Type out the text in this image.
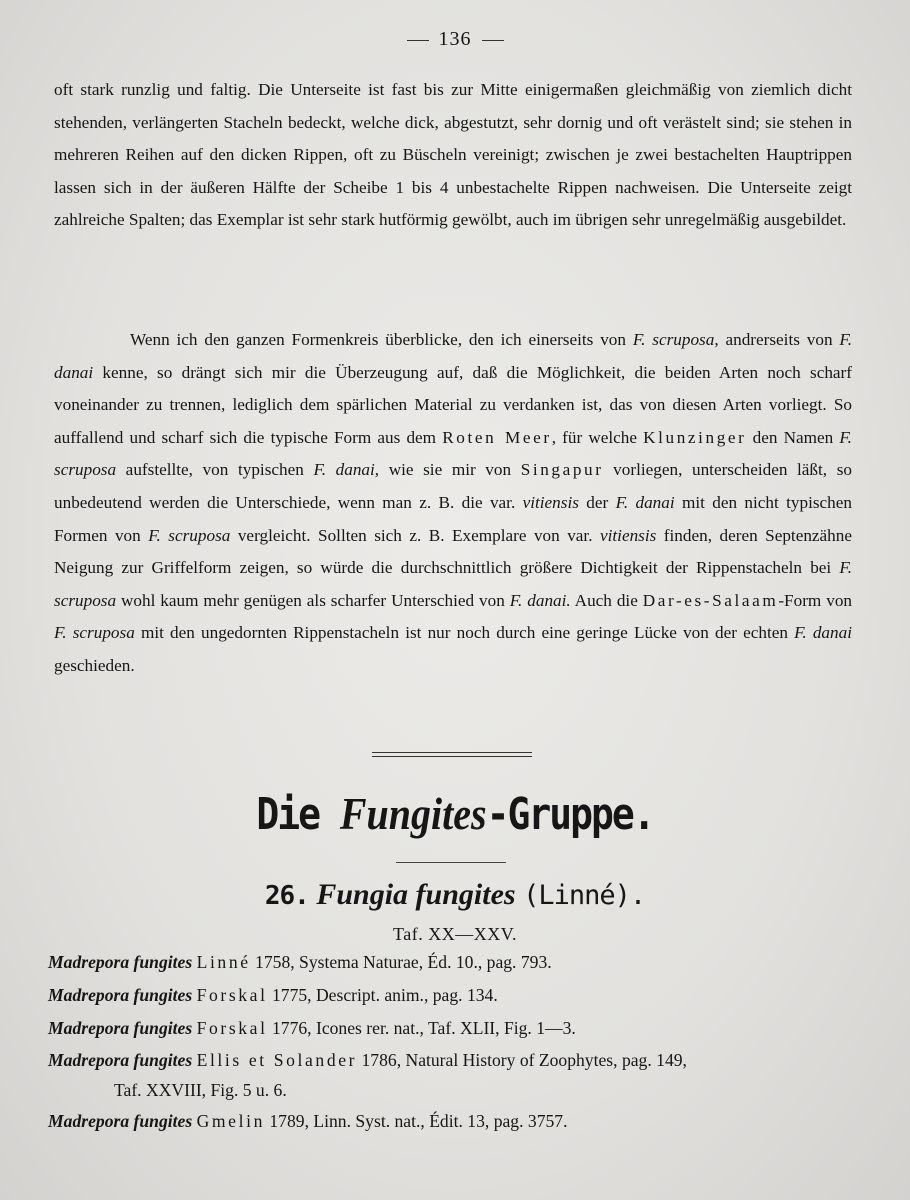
136

oft stark runzlig und faltig. Die Unterseite ist fast bis zur Mitte einigermaßen gleichmäßig von ziemlich dicht stehenden, verlängerten Stacheln bedeckt, welche dick, abgestutzt, sehr dornig und oft verästelt sind; sie stehen in mehreren Reihen auf den dicken Rippen, oft zu Büscheln vereinigt; zwischen je zwei bestachelten Hauptrippen lassen sich in der äußeren Hälfte der Scheibe 1 bis 4 unbestachelte Rippen nachweisen. Die Unterseite zeigt zahlreiche Spalten; das Exemplar ist sehr stark hutförmig gewölbt, auch im übrigen sehr unregelmäßig ausgebildet.

Wenn ich den ganzen Formenkreis überblicke, den ich einerseits von F. scruposa, andrerseits von F. danai kenne, so drängt sich mir die Überzeugung auf, daß die Möglichkeit, die beiden Arten noch scharf voneinander zu trennen, lediglich dem spärlichen Material zu verdanken ist, das von diesen Arten vorliegt. So auffallend und scharf sich die typische Form aus dem Roten Meer, für welche Klunzinger den Namen F. scruposa aufstellte, von typischen F. danai, wie sie mir von Singapur vorliegen, unterscheiden läßt, so unbedeutend werden die Unterschiede, wenn man z. B. die var. vitiensis der F. danai mit den nicht typischen Formen von F. scruposa vergleicht. Sollten sich z. B. Exemplare von var. vitiensis finden, deren Septenzähne Neigung zur Griffelform zeigen, so würde die durchschnittlich größere Dichtigkeit der Rippenstacheln bei F. scruposa wohl kaum mehr genügen als scharfer Unterschied von F. danai. Auch die Dar-es-Salaam-Form von F. scruposa mit den ungedornten Rippenstacheln ist nur noch durch eine geringe Lücke von der echten F. danai geschieden.

Die Fungites-Gruppe.
26. Fungia fungites (Linné).
Taf. XX—XXV.
Madrepora fungites Linné 1758, Systema Naturae, Éd. 10., pag. 793.
Madrepora fungites Forskal 1775, Descript. anim., pag. 134.
Madrepora fungites Forskal 1776, Icones rer. nat., Taf. XLII, Fig. 1—3.
Madrepora fungites Ellis et Solander 1786, Natural History of Zoophytes, pag. 149,
Taf. XXVIII, Fig. 5 u. 6.
Madrepora fungites Gmelin 1789, Linn. Syst. nat., Édit. 13, pag. 3757.
